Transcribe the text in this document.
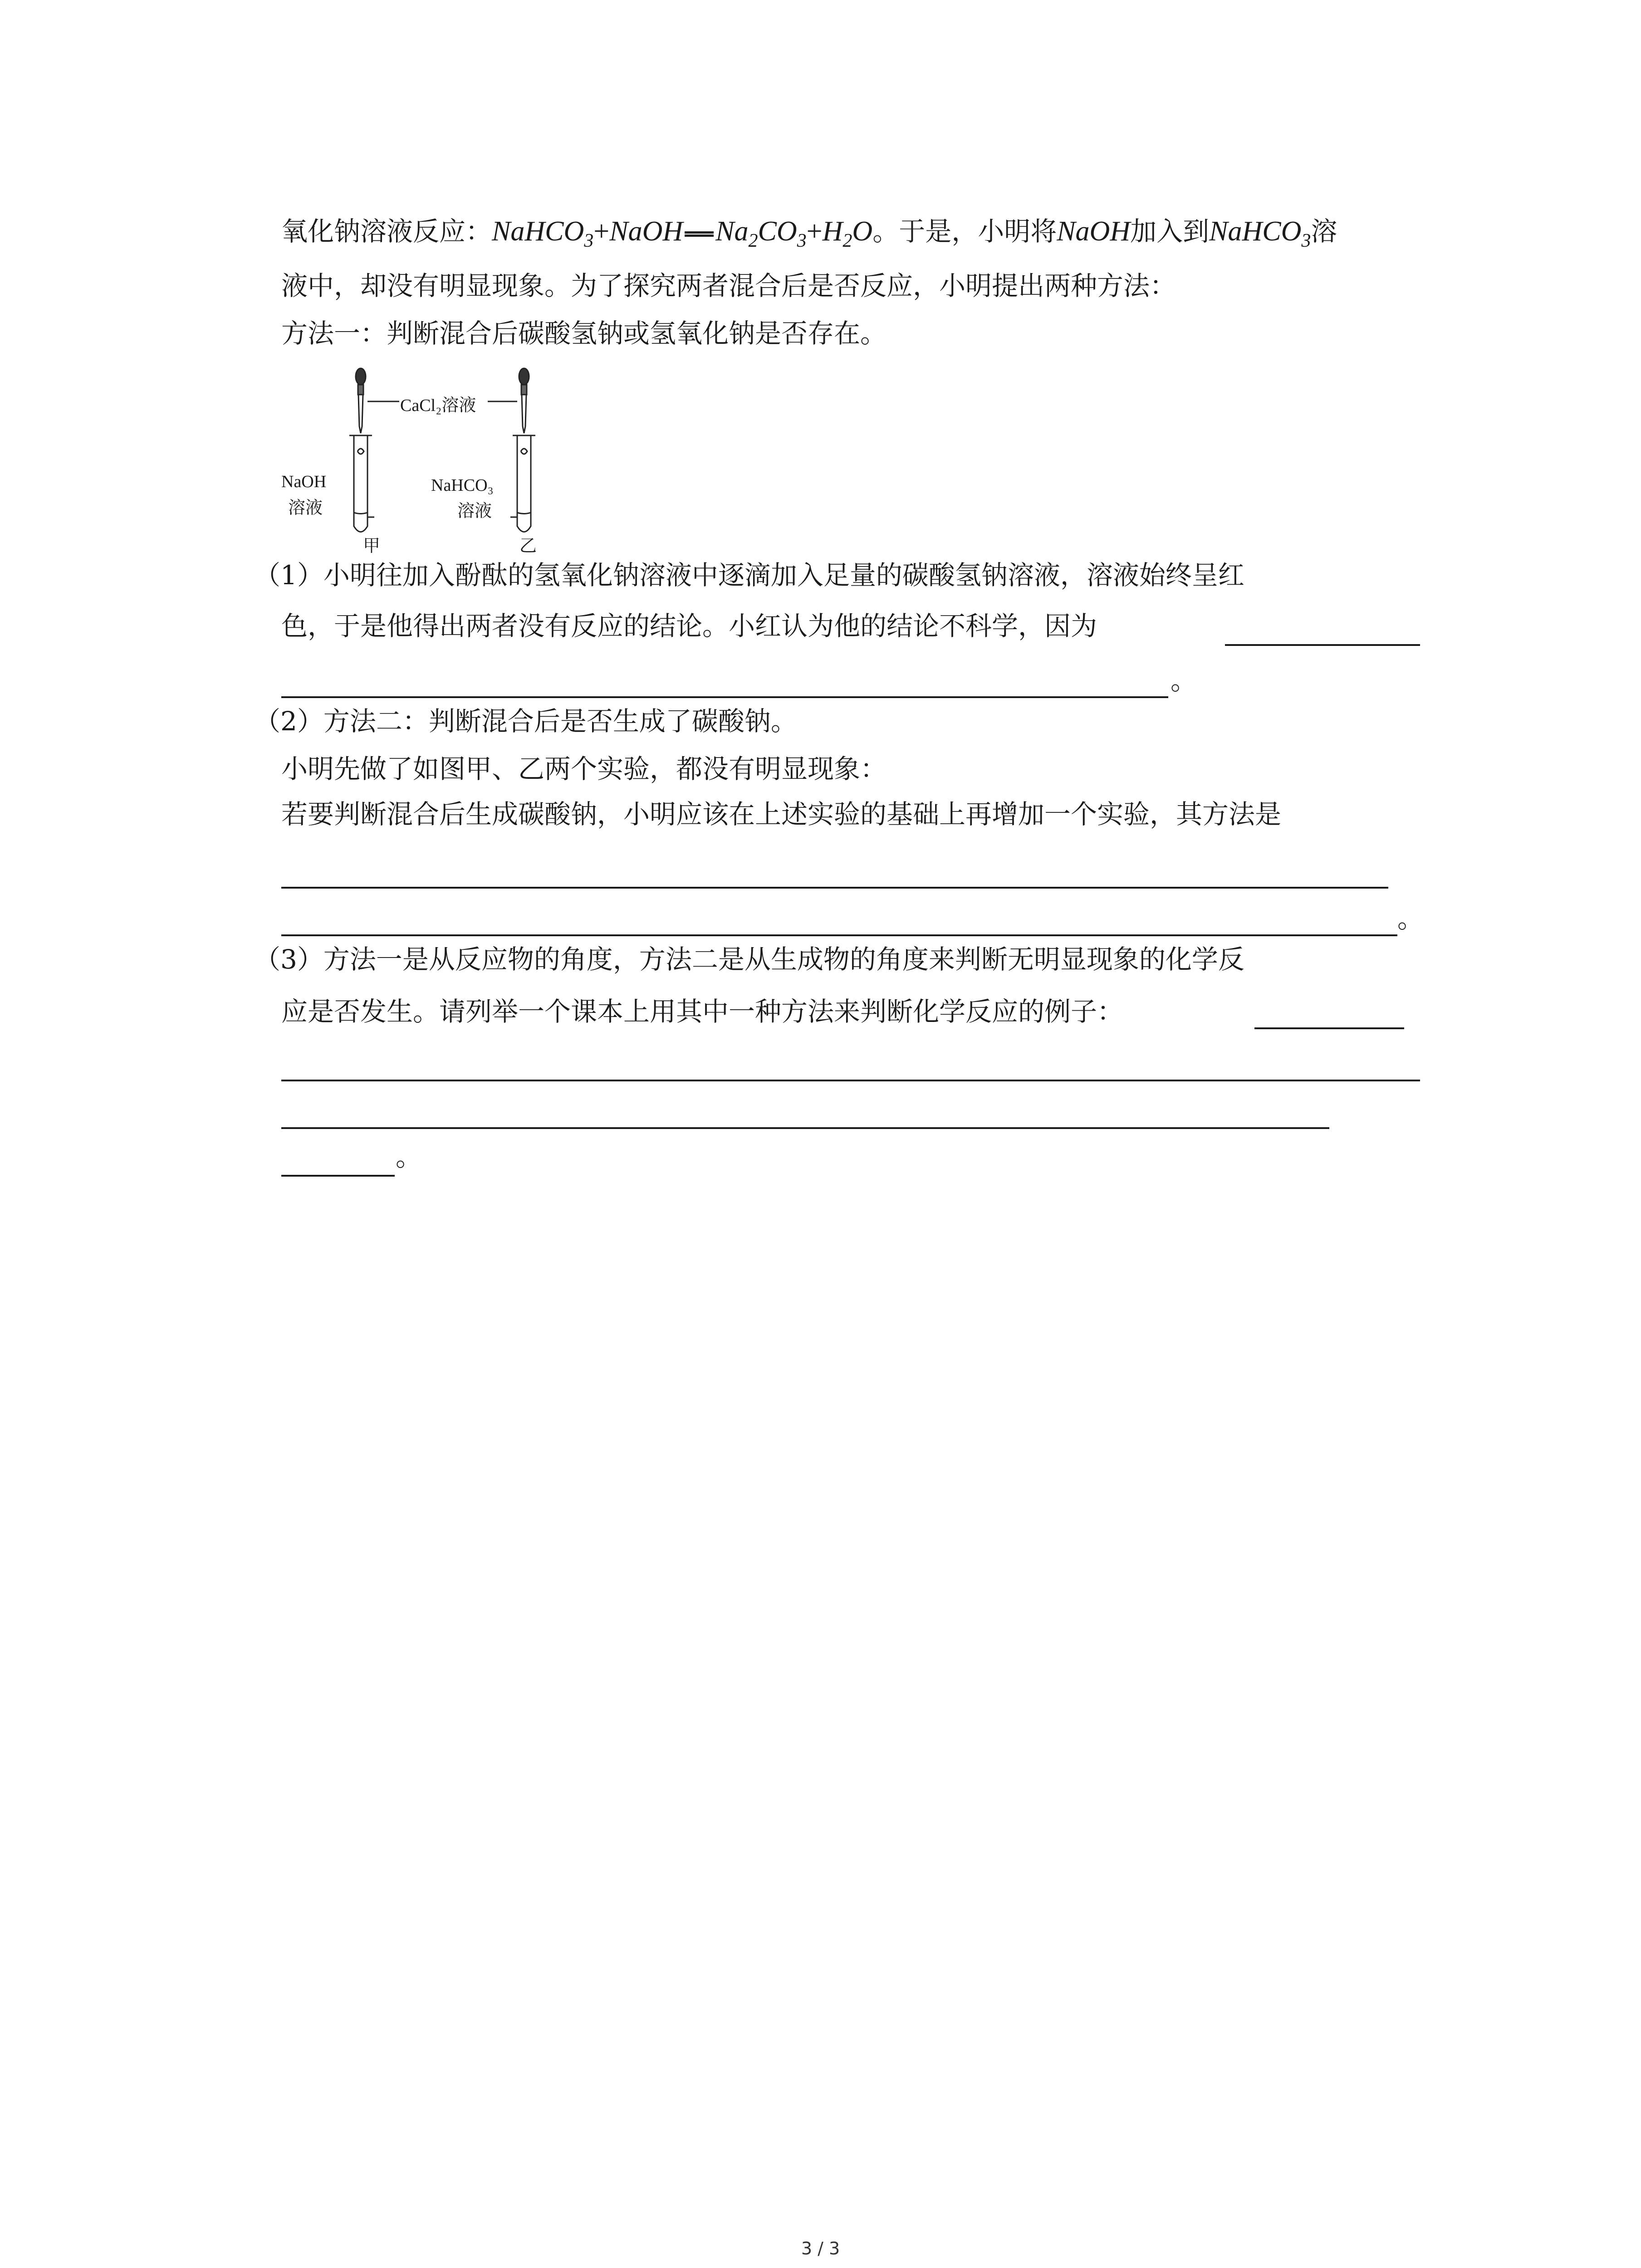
氧化钠溶液反应：NaHCO$_3$+NaOH $Na_2CO_3+H_2O$。于是，小明将NaOH加入到NaHCO$_3$溶
液中，却没有明显现象。为了探究两者混合后是否反应，小明提出两种方法：
方法一：判断混合后碳酸氢钠或氢氧化钠是否存在。
CaCl₂溶液
NaOH
溶液
NaHCO₃
溶液
甲	乙
（1）小明往加入酚酞的氢氧化钠溶液中逐滴加入足量的碳酸氢钠溶液，溶液始终呈红
色，于是他得出两者没有反应的结论。小红认为他的结论不科学，因为
。
（2）方法二：判断混合后是否生成了碳酸钠。
小明先做了如图甲、乙两个实验，都没有明显现象：
若要判断混合后生成碳酸钠，小明应该在上述实验的基础上再增加一个实验，其方法是
。
（3）方法一是从反应物的角度，方法二是从生成物的角度来判断无明显现象的化学反
应是否发生。请列举一个课本上用其中一种方法来判断化学反应的例子：
。
3 / 3
